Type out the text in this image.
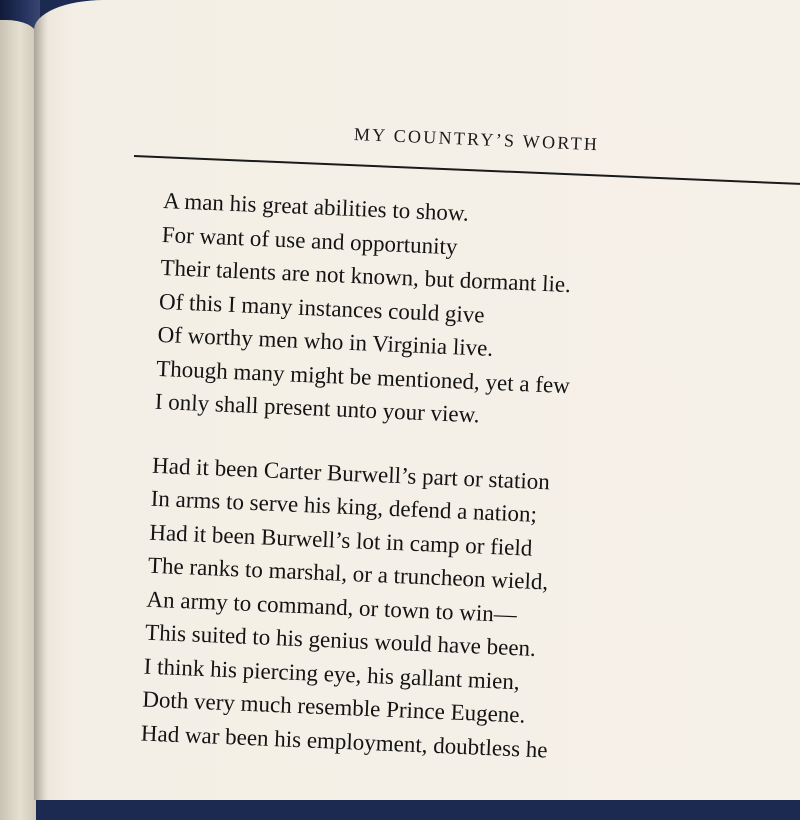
MY COUNTRY’S WORTH
A man his great abilities to show.
For want of use and opportunity
Their talents are not known, but dormant lie.
Of this I many instances could give
Of worthy men who in Virginia live.
Though many might be mentioned, yet a few
I only shall present unto your view.
Had it been Carter Burwell’s part or station
In arms to serve his king, defend a nation;
Had it been Burwell’s lot in camp or field
The ranks to marshal, or a truncheon wield,
An army to command, or town to win—
This suited to his genius would have been.
I think his piercing eye, his gallant mien,
Doth very much resemble Prince Eugene.
Had war been his employment, doubtless he
